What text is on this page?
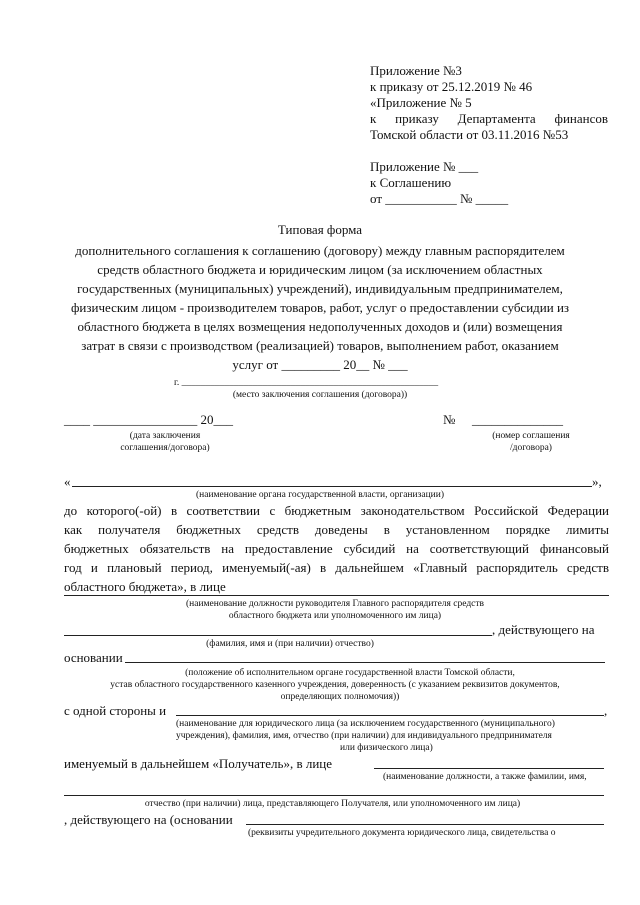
Приложение №3
к приказу от 25.12.2019 № 46
«Приложение № 5
к приказу Департамента финансов
Томской области от 03.11.2016 №53
Приложение № ___
к Соглашению
от ___________ № _____
Типовая форма
дополнительного соглашения к соглашению (договору) между главным распорядителем
средств областного бюджета и юридическим лицом (за исключением областных
государственных (муниципальных) учреждений), индивидуальным предпринимателем,
физическим лицом - производителем товаров, работ, услуг о предоставлении субсидии из
областного бюджета в целях возмещения недополученных доходов и (или) возмещения
затрат в связи с производством (реализацией) товаров, выполнением работ, оказанием
услуг от _________ 20__ № ___
г. ______________________________________________________
(место заключения соглашения (договора))
____ ________________ 20___	№ ______________
(дата заключения
соглашения/договора)
(номер соглашения
/договора)
«	»,
(наименование органа государственной власти, организации)
до которого(-ой) в соответствии с бюджетным законодательством Российской Федерации
как получателя бюджетных средств доведены в установленном порядке лимиты
бюджетных обязательств на предоставление субсидий на соответствующий финансовый
год и плановый период, именуемый(-ая) в дальнейшем «Главный распорядитель средств
областного бюджета», в лице
(наименование должности руководителя Главного распорядителя средств
областного бюджета или уполномоченного им лица)
, действующего на
(фамилия, имя и (при наличии) отчество)
основании
(положение об исполнительном органе государственной власти Томской области,
устав областного государственного казенного учреждения, доверенность (с указанием реквизитов документов,
определяющих полномочия))
с одной стороны и	,
(наименование для юридического лица (за исключением государственного (муниципального)
учреждения), фамилия, имя, отчество (при наличии) для индивидуального предпринимателя
или физического лица)
именуемый в дальнейшем «Получатель», в лице
(наименование должности, а также фамилии, имя,
отчество (при наличии) лица, представляющего Получателя, или уполномоченного им лица)
, действующего на (основании
(реквизиты учредительного документа юридического лица, свидетельства о
